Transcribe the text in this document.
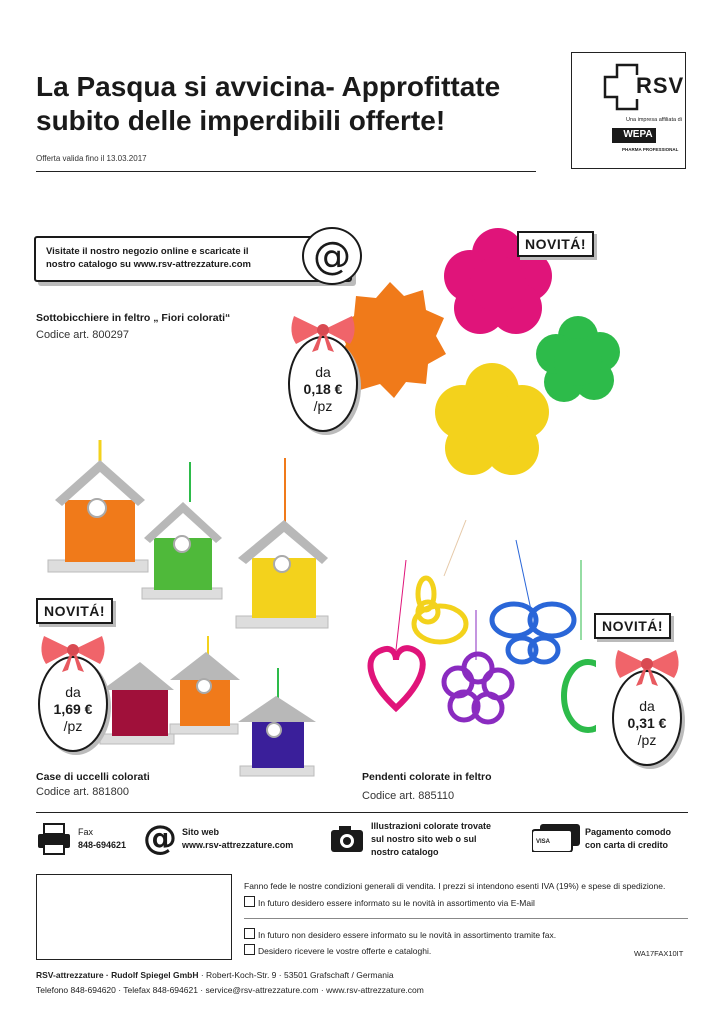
La Pasqua si avvicina- Approfittate
subito delle imperdibili offerte!
Offerta valida fino il 13.03.2017
RSV
Una impresa affiliata di
WEPA
PHARMA PROFESSIONAL
Visitate il nostro negozio online e scaricate il
nostro catalogo su www.rsv-attrezzature.com	@
Sottobicchiere in feltro „ Fiori colorati“
Codice art. 800297
NOVITÁ!
da
0,18 €
/pz
NOVITÁ!
da
1,69 €
/pz
Case di uccelli colorati
Codice art. 881800
NOVITÁ!
da
0,31 €
/pz
Pendenti colorate in feltro
Codice art. 885110
Fax
848-694621 @ Sito web
www.rsv-attrezzature.com
Illustrazioni colorate trovate
sul nostro sito web o sul
nostro catalogo
VISA
Pagamento comodo
con carta di credito
Fanno fede le nostre condizioni generali di vendita. I prezzi si intendono esenti IVA (19%) e spese di spedizione.
In futuro desidero essere informato su le novità in assortimento via E-Mail
In futuro non desidero essere informato su le novità in assortimento tramite fax.
Desidero ricevere le vostre offerte e cataloghi.	WA17FAX10IT
RSV-attrezzature · Rudolf Spiegel GmbH · Robert-Koch-Str. 9 · 53501 Grafschaft / Germania
Telefono 848-694620 · Telefax 848-694621 · service@rsv-attrezzature.com · www.rsv-attrezzature.com
